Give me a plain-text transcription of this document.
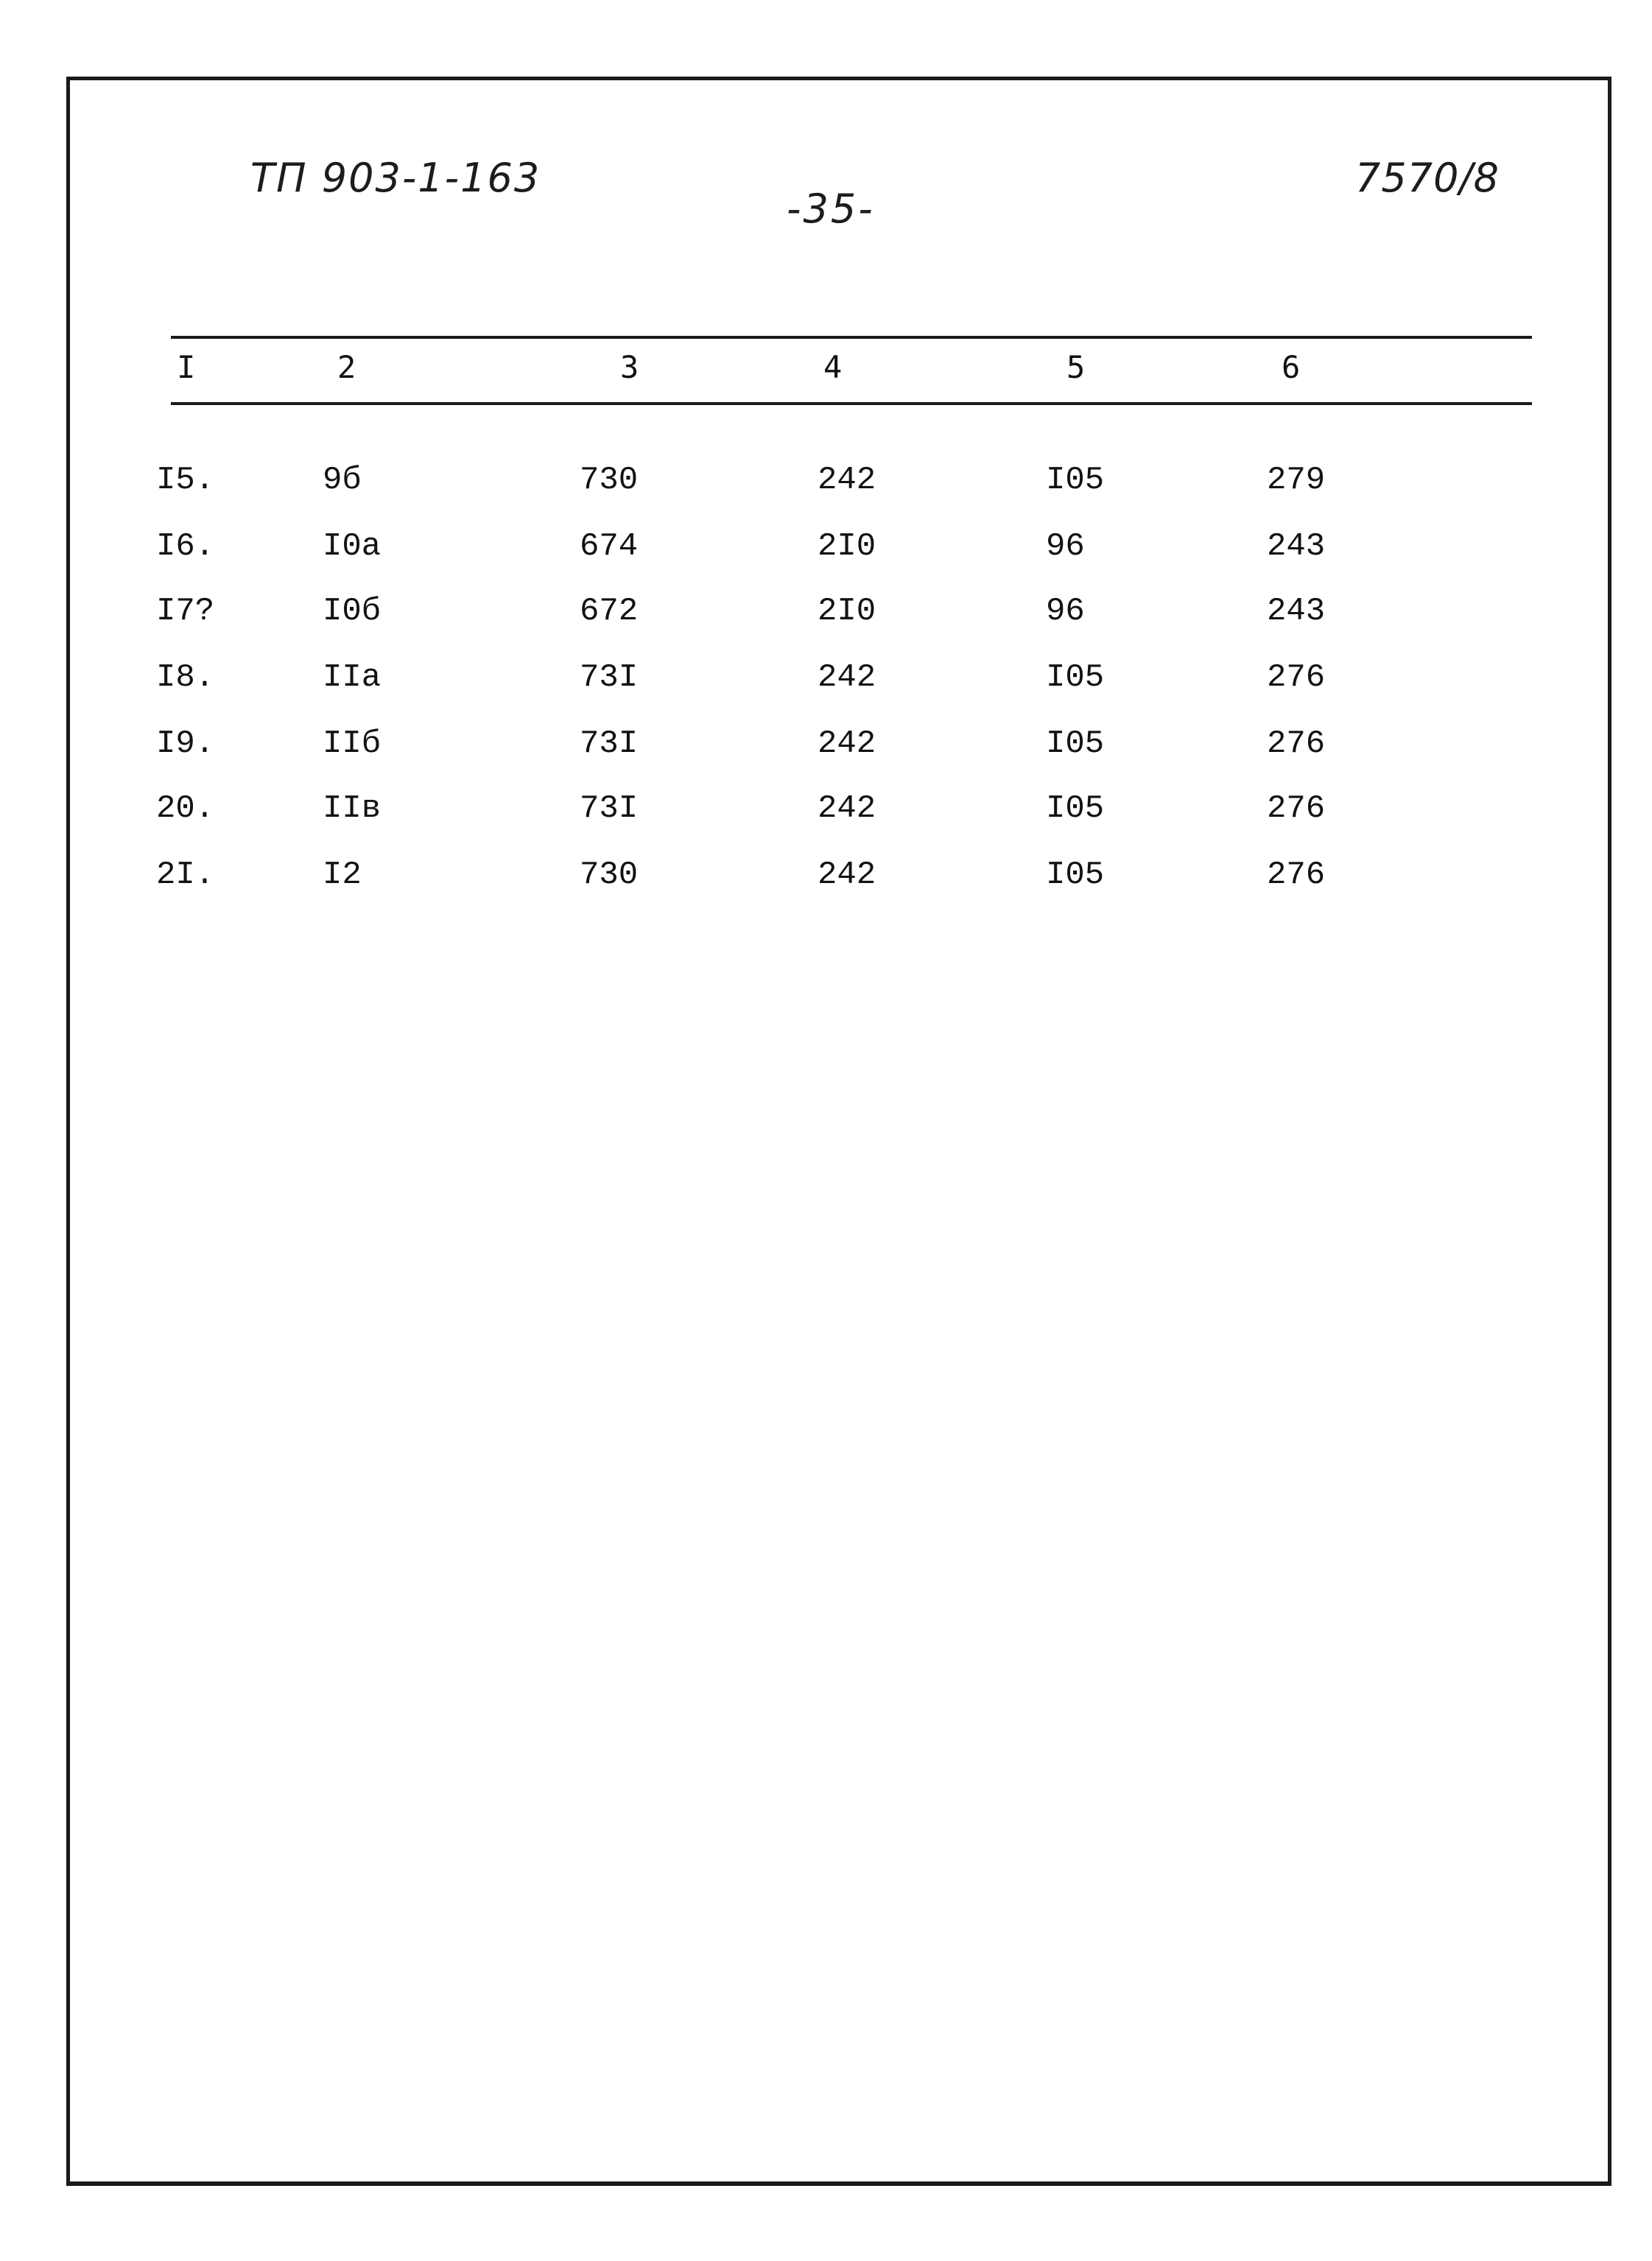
ТП 903-1-163
-35-
7570/8
I	2	3	4	5	6
I5.	9б	730	242	I05	279
I6.	I0а	674	2I0	96	243
I7?	I0б	672	2I0	96	243
I8.	IIа	73I	242	I05	276
I9.	IIб	73I	242	I05	276
20.	IIв	73I	242	I05	276
2I.	I2	730	242	I05	276
